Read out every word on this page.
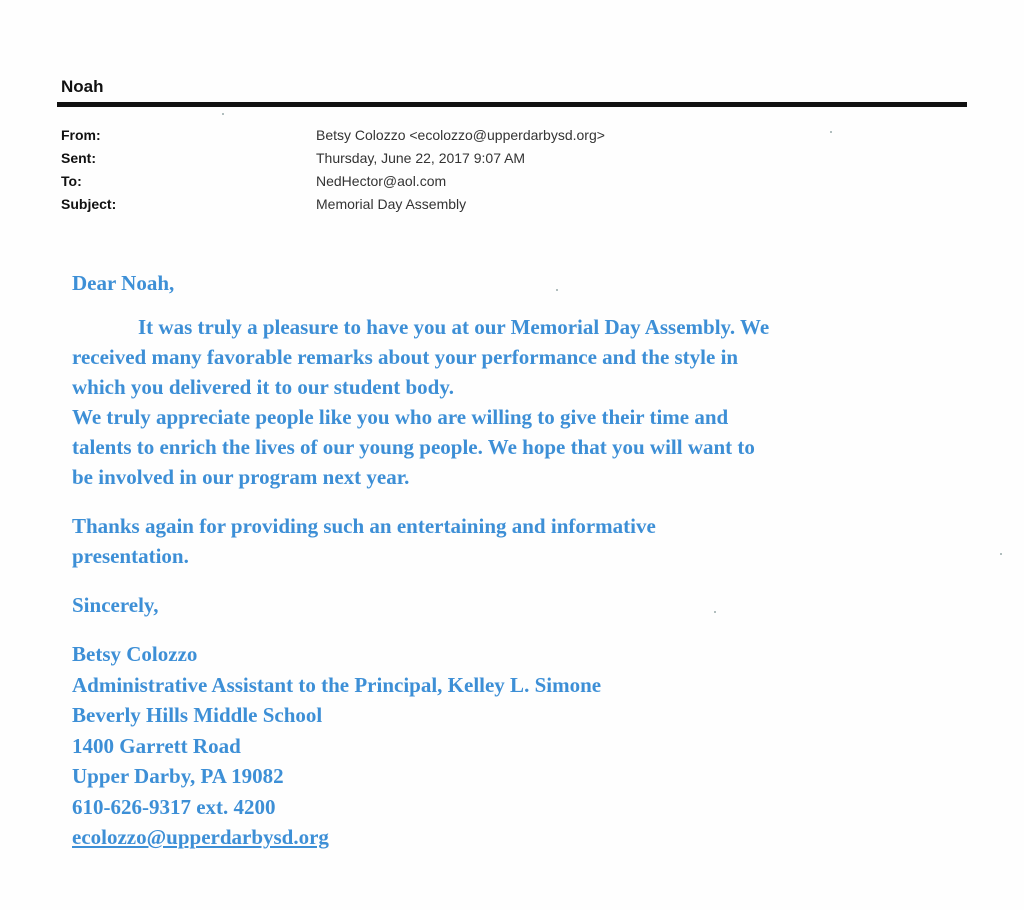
Noah
From:	Betsy Colozzo <ecolozzo@upperdarbysd.org>
Sent:	Thursday, June 22, 2017 9:07 AM
To:	NedHector@aol.com
Subject:	Memorial Day Assembly

Dear Noah,

It was truly a pleasure to have you at our Memorial Day Assembly. We
received many favorable remarks about your performance and the style in
which you delivered it to our student body.
We truly appreciate people like you who are willing to give their time and
talents to enrich the lives of our young people. We hope that you will want to
be involved in our program next year.
Thanks again for providing such an entertaining and informative
presentation.

Sincerely,

Betsy Colozzo

Administrative Assistant to the Principal, Kelley L. Simone

Beverly Hills Middle School

1400 Garrett Road

Upper Darby, PA 19082

610-626-9317 ext. 4200

ecolozzo@upperdarbysd.org
